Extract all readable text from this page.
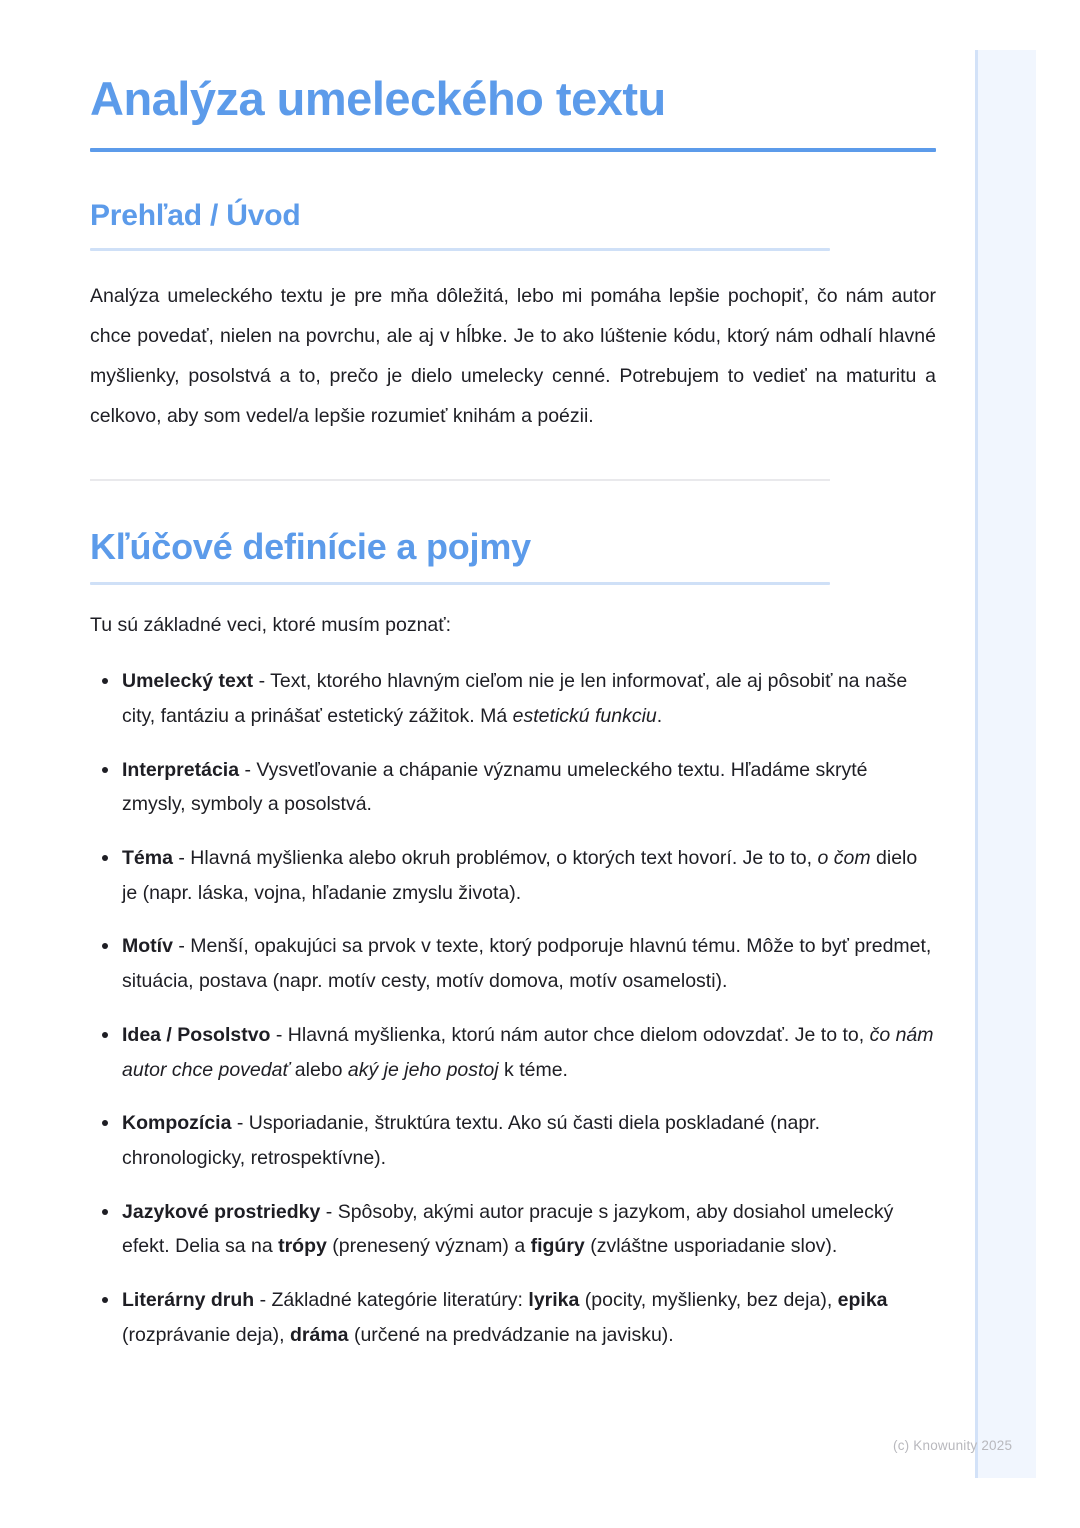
Analýza umeleckého textu
Prehľad / Úvod

Analýza umeleckého textu je pre mňa dôležitá, lebo mi pomáha lepšie pochopiť, čo nám autor chce povedať, nielen na povrchu, ale aj v hĺbke. Je to ako lúštenie kódu, ktorý nám odhalí hlavné myšlienky, posolstvá a to, prečo je dielo umelecky cenné. Potrebujem to vedieť na maturitu a celkovo, aby som vedel/a lepšie rozumieť knihám a poézii.

Kľúčové definície a pojmy

Tu sú základné veci, ktoré musím poznať:

Umelecký text - Text, ktorého hlavným cieľom nie je len informovať, ale aj pôsobiť na naše city, fantáziu a prinášať estetický zážitok. Má estetickú funkciu.
Interpretácia - Vysvetľovanie a chápanie významu umeleckého textu. Hľadáme skryté zmysly, symboly a posolstvá.
Téma - Hlavná myšlienka alebo okruh problémov, o ktorých text hovorí. Je to to, o čom dielo je (napr. láska, vojna, hľadanie zmyslu života).
Motív - Menší, opakujúci sa prvok v texte, ktorý podporuje hlavnú tému. Môže to byť predmet, situácia, postava (napr. motív cesty, motív domova, motív osamelosti).
Idea / Posolstvo - Hlavná myšlienka, ktorú nám autor chce dielom odovzdať. Je to to, čo nám autor chce povedať alebo aký je jeho postoj k téme.
Kompozícia - Usporiadanie, štruktúra textu. Ako sú časti diela poskladané (napr. chronologicky, retrospektívne).
Jazykové prostriedky - Spôsoby, akými autor pracuje s jazykom, aby dosiahol umelecký efekt. Delia sa na trópy (prenesený význam) a figúry (zvláštne usporiadanie slov).
Literárny druh - Základné kategórie literatúry: lyrika (pocity, myšlienky, bez deja), epika (rozprávanie deja), dráma (určené na predvádzanie na javisku).
(c) Knowunity 2025
